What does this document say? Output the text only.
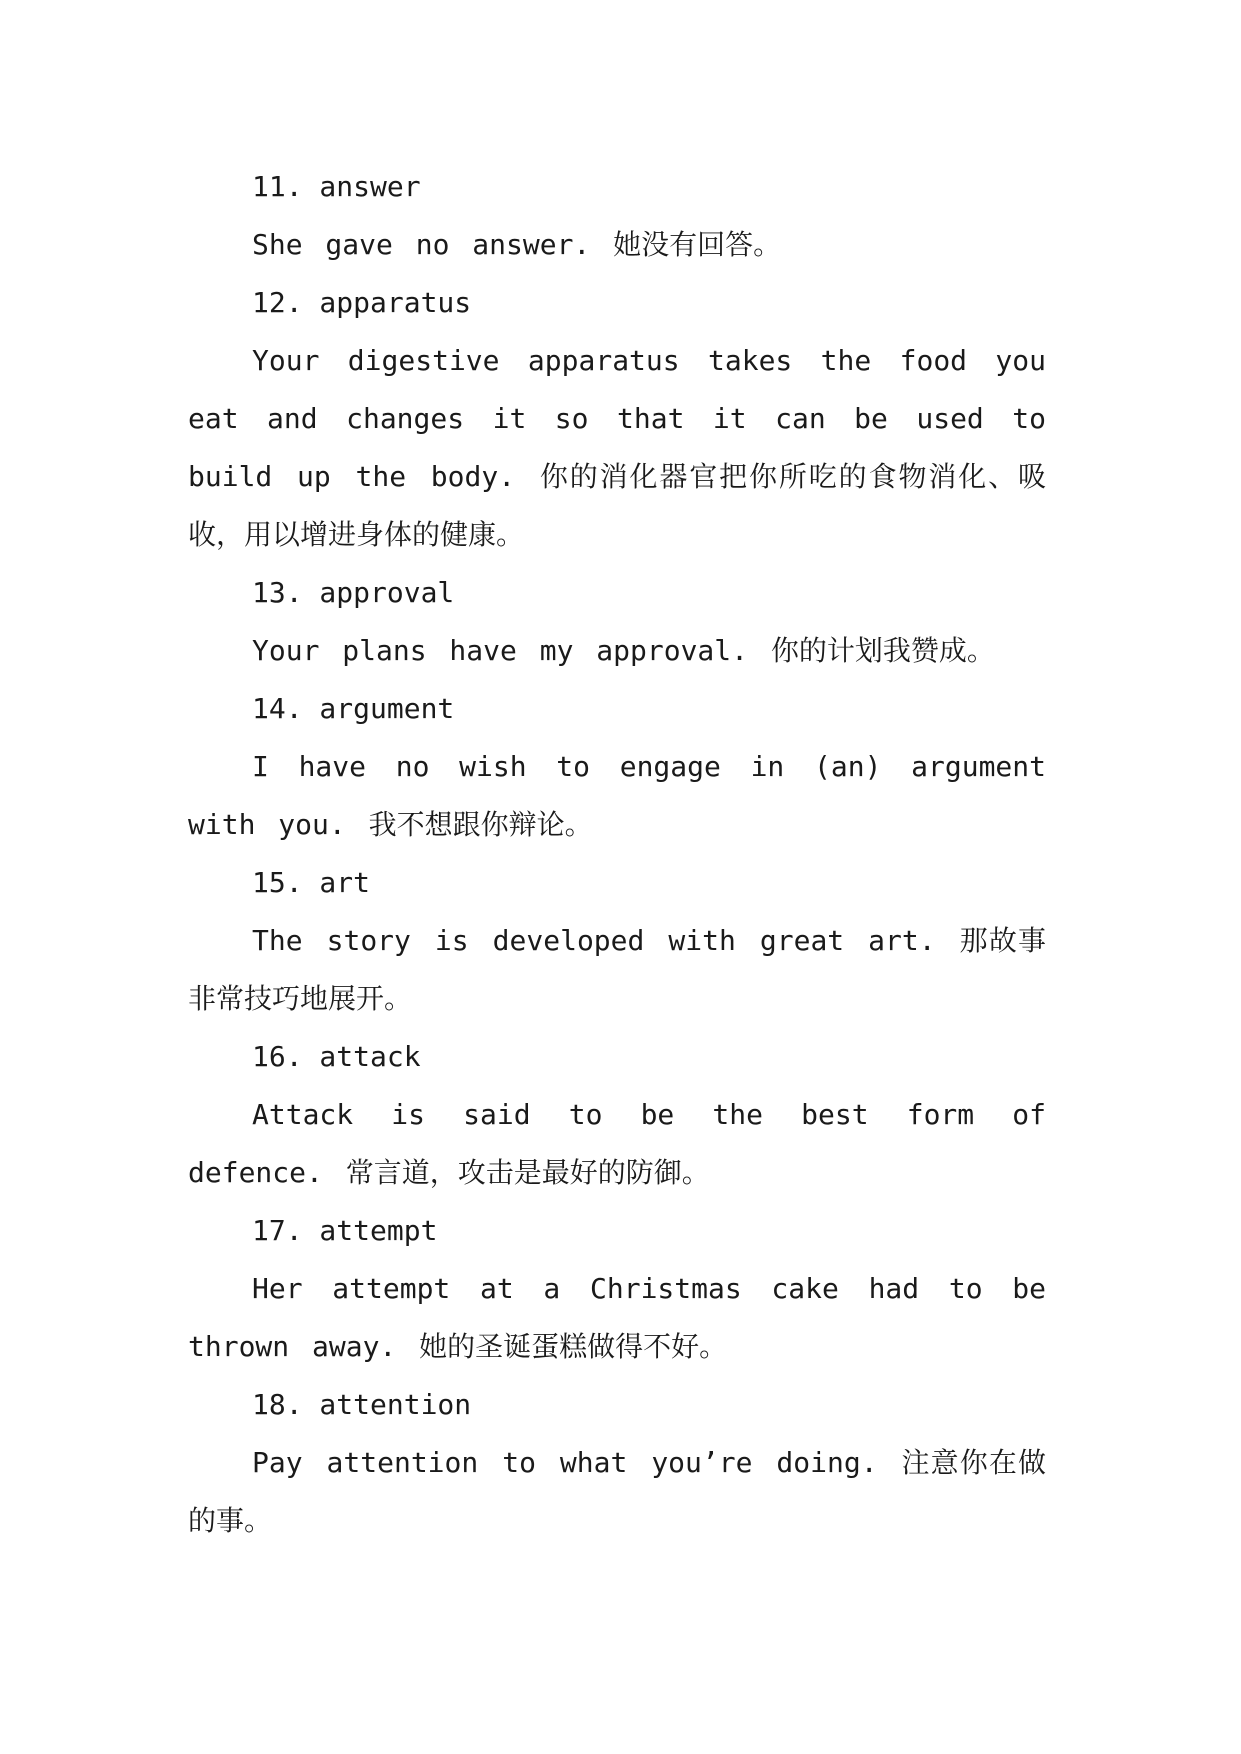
11. answer
She gave no answer. 她没有回答。
12. apparatus
Your digestive apparatus takes the food you eat and changes it so that it can be used to build up the body. 你的消化器官把你所吃的食物消化、吸收，用以增进身体的健康。
13. approval
Your plans have my approval. 你的计划我赞成。
14. argument
I have no wish to engage in (an) argument with you. 我不想跟你辩论。
15. art
The story is developed with great art. 那故事非常技巧地展开。
16. attack
Attack is said to be the best form of defence. 常言道，攻击是最好的防御。
17. attempt
Her attempt at a Christmas cake had to be thrown away. 她的圣诞蛋糕做得不好。
18. attention
Pay attention to what you’re doing. 注意你在做的事。
